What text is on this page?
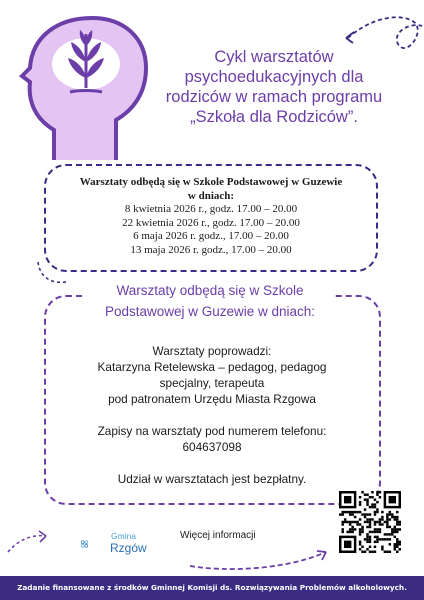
Cykl warsztatów
psychoedukacyjnych dla
rodziców w ramach programu
„Szkoła dla Rodziców”.
Warsztaty odbędą się w Szkole Podstawowej w Guzewie
w dniach:
8 kwietnia 2026 r., godz. 17.00 – 20.00
22 kwietnia 2026 r., godz. 17.00 – 20.00
6 maja 2026 r. godz., 17.00 – 20.00
13 maja 2026 r. godz., 17.00 – 20.00
Warsztaty odbędą się w Szkole
Podstawowej w Guzewie w dniach:

Warsztaty poprowadzi:

Katarzyna Retelewska – pedagog, pedagog

specjalny, terapeuta

pod patronatem Urzędu Miasta Rzgowa

Zapisy na warsztaty pod numerem telefonu:

604637098

Udział w warsztatach jest bezpłatny.

Więcej informacji
Gmina
Rzgów
Zadanie finansowane z środków Gminnej Komisji ds. Rozwiązywania Problemów alkoholowych.
